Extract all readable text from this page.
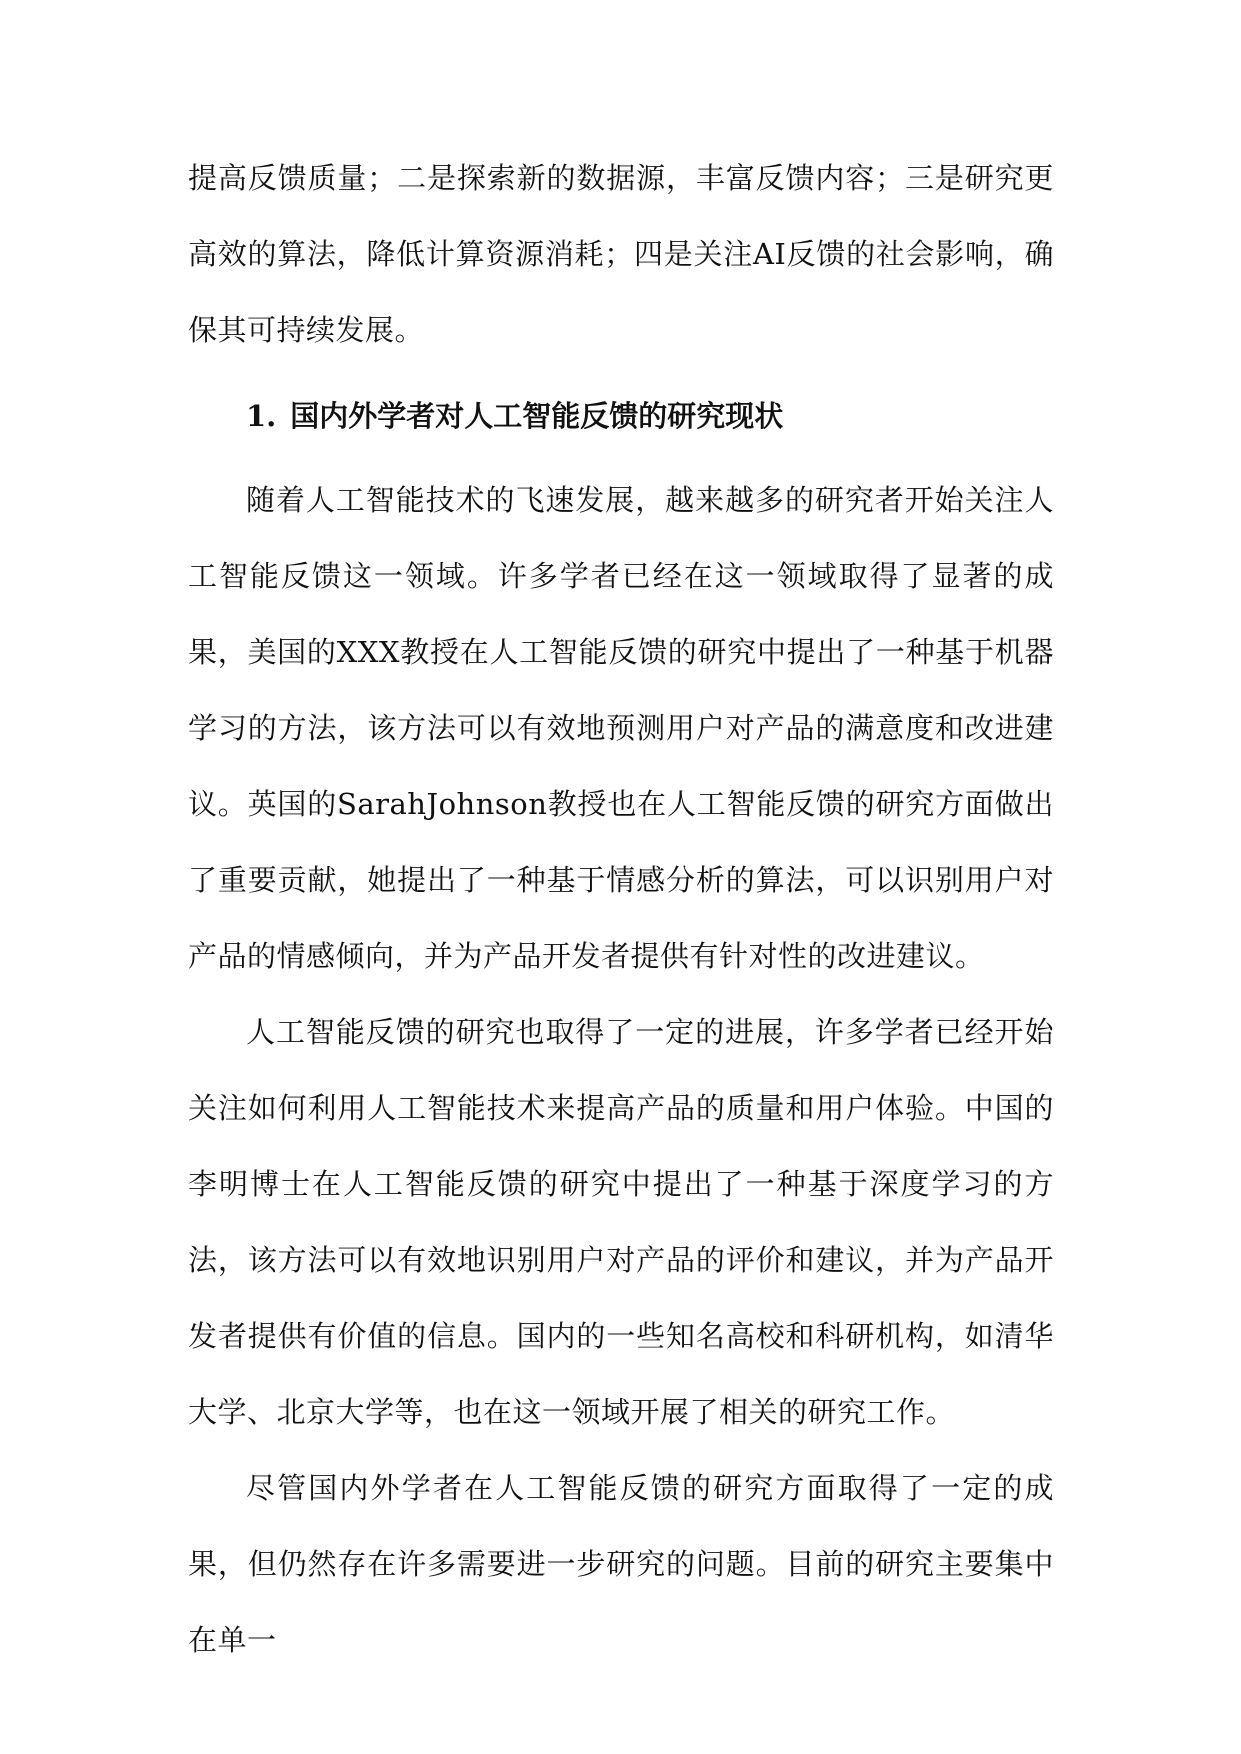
提高反馈质量；二是探索新的数据源，丰富反馈内容；三是研究更高效的算法，降低计算资源消耗；四是关注AI反馈的社会影响，确保其可持续发展。

1. 国内外学者对人工智能反馈的研究现状

随着人工智能技术的飞速发展，越来越多的研究者开始关注人工智能反馈这一领域。许多学者已经在这一领域取得了显著的成果，美国的XXX教授在人工智能反馈的研究中提出了一种基于机器学习的方法，该方法可以有效地预测用户对产品的满意度和改进建议。英国的SarahJohnson教授也在人工智能反馈的研究方面做出了重要贡献，她提出了一种基于情感分析的算法，可以识别用户对产品的情感倾向，并为产品开发者提供有针对性的改进建议。

人工智能反馈的研究也取得了一定的进展，许多学者已经开始关注如何利用人工智能技术来提高产品的质量和用户体验。中国的李明博士在人工智能反馈的研究中提出了一种基于深度学习的方法，该方法可以有效地识别用户对产品的评价和建议，并为产品开发者提供有价值的信息。国内的一些知名高校和科研机构，如清华大学、北京大学等，也在这一领域开展了相关的研究工作。

尽管国内外学者在人工智能反馈的研究方面取得了一定的成果，但仍然存在许多需要进一步研究的问题。目前的研究主要集中在单一
